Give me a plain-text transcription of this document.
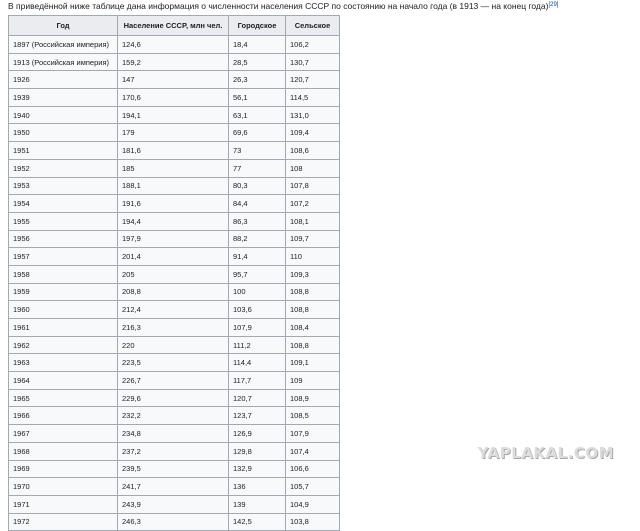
В приведённой ниже таблице дана информация о численности населения СССР по состоянию на начало года (в 1913 — на конец года)[29]
Год	Население СССР, млн чел.	Городское	Сельское
1897 (Российская империя)	124,6	18,4	106,2
1913 (Российская империя)	159,2	28,5	130,7
1926	147	26,3	120,7
1939	170,6	56,1	114,5
1940	194,1	63,1	131,0
1950	179	69,6	109,4
1951	181,6	73	108,6
1952	185	77	108
1953	188,1	80,3	107,8
1954	191,6	84,4	107,2
1955	194,4	86,3	108,1
1956	197,9	88,2	109,7
1957	201,4	91,4	110
1958	205	95,7	109,3
1959	208,8	100	108,8
1960	212,4	103,6	108,8
1961	216,3	107,9	108,4
1962	220	111,2	108,8
1963	223,5	114,4	109,1
1964	226,7	117,7	109
1965	229,6	120,7	108,9
1966	232,2	123,7	108,5
1967	234,8	126,9	107,9
1968	237,2	129,8	107,4
1969	239,5	132,9	106,6
1970	241,7	136	105,7
1971	243,9	139	104,9
1972	246,3	142,5	103,8
YAPLAKAL.COM
